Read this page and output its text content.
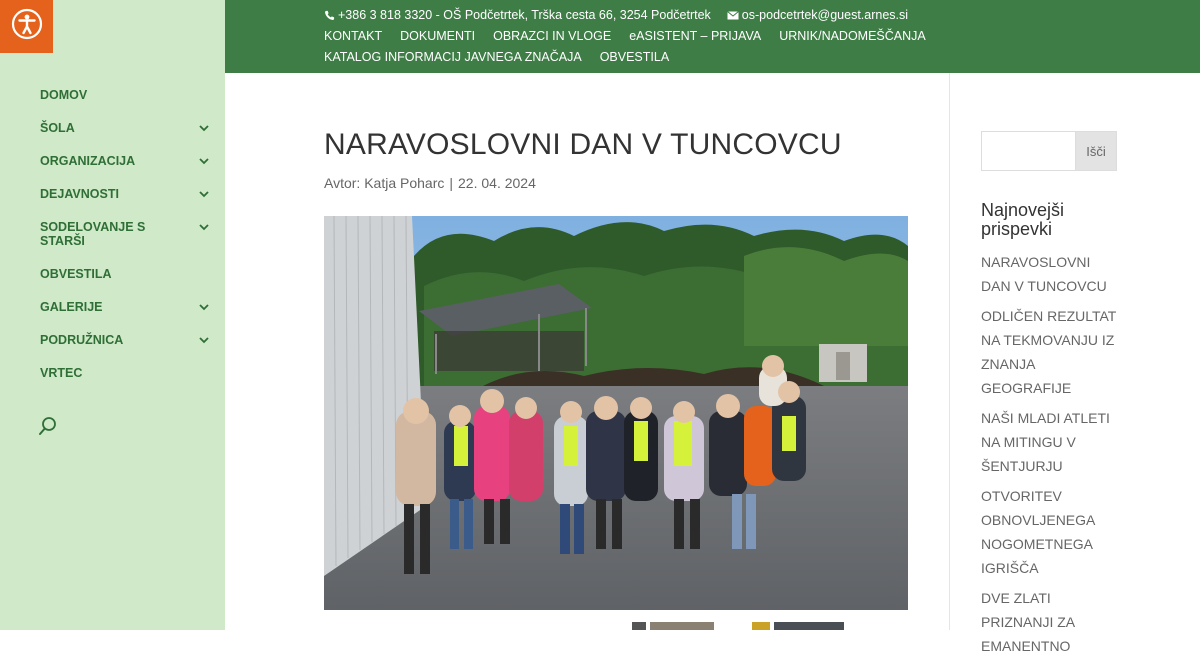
DOMOV
ŠOLA
ORGANIZACIJA
DEJAVNOSTI
SODELOVANJE S STARŠI
OBVESTILA
GALERIJE
PODRUŽNICA
VRTEC
+386 3 818 3320 - OŠ Podčetrtek, Trška cesta 66, 3254 Podčetrtek os-podcetrtek@guest.arnes.si
KONTAKT DOKUMENTI OBRAZCI IN VLOGE eASISTENT – PRIJAVA URNIK/NADOMEŠČANJA
KATALOG INFORMACIJ JAVNEGA ZNAČAJA OBVESTILA
NARAVOSLOVNI DAN V TUNCOVCU
Avtor: Katja Poharc | 22. 04. 2024
Išči
Najnovejši prispevki
NARAVOSLOVNI DAN V TUNCOVCU
ODLIČEN REZULTAT NA TEKMOVANJU IZ ZNANJA GEOGRAFIJE
NAŠI MLADI ATLETI NA MITINGU V ŠENTJURJU
OTVORITEV OBNOVLJENEGA NOGOMETNEGA IGRIŠČA
DVE ZLATI PRIZNANJI ZA EMANENTNO
